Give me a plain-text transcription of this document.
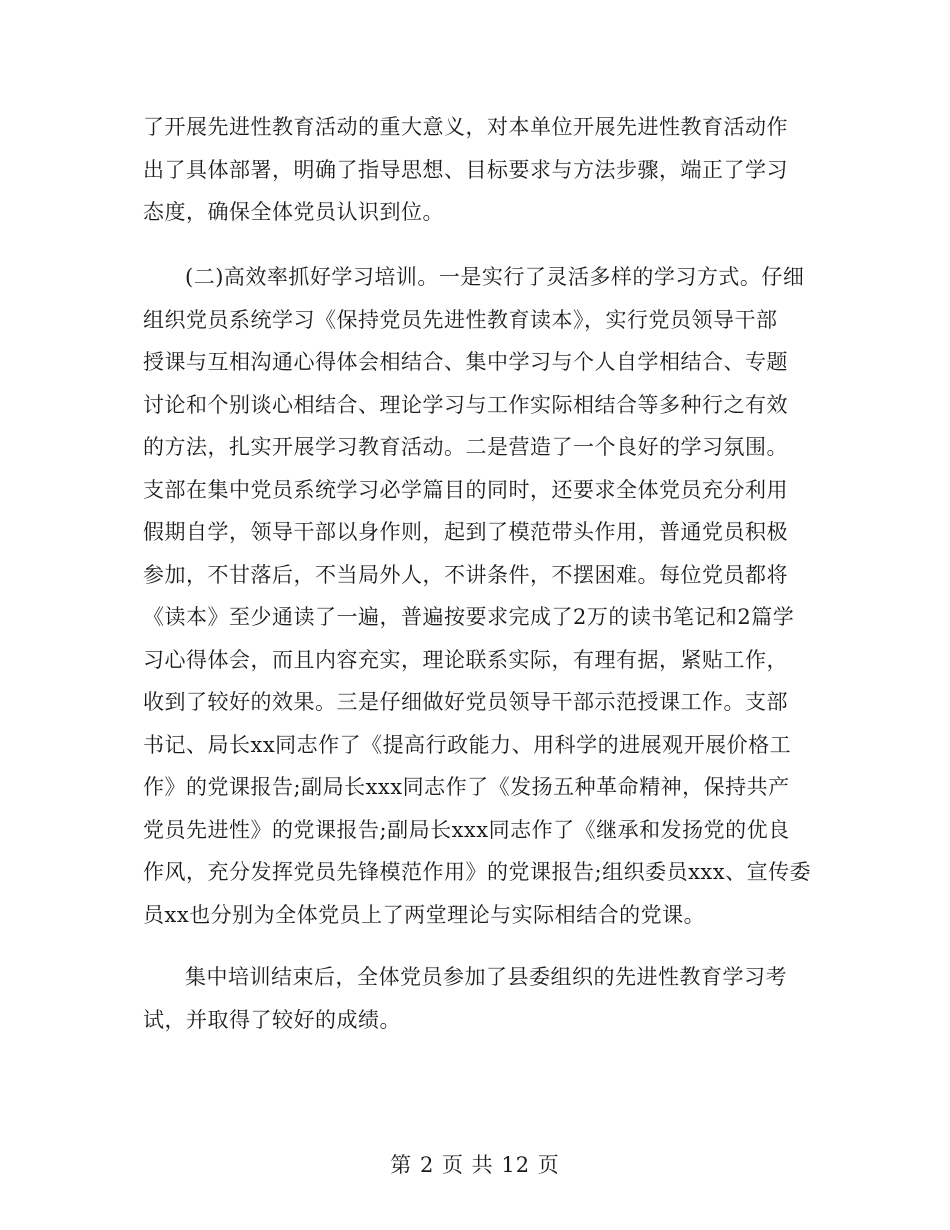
了开展先进性教育活动的重大意义，对本单位开展先进性教育活动作
出了具体部署，明确了指导思想、目标要求与方法步骤，端正了学习
态度，确保全体党员认识到位。
(二)高效率抓好学习培训。一是实行了灵活多样的学习方式。仔细
组织党员系统学习《保持党员先进性教育读本》，实行党员领导干部
授课与互相沟通心得体会相结合、集中学习与个人自学相结合、专题
讨论和个别谈心相结合、理论学习与工作实际相结合等多种行之有效
的方法，扎实开展学习教育活动。二是营造了一个良好的学习氛围。
支部在集中党员系统学习必学篇目的同时，还要求全体党员充分利用
假期自学，领导干部以身作则，起到了模范带头作用，普通党员积极
参加，不甘落后，不当局外人，不讲条件，不摆困难。每位党员都将
《读本》至少通读了一遍，普遍按要求完成了2万的读书笔记和2篇学
习心得体会，而且内容充实，理论联系实际，有理有据，紧贴工作，
收到了较好的效果。三是仔细做好党员领导干部示范授课工作。支部
书记、局长xx同志作了《提高行政能力、用科学的进展观开展价格工
作》的党课报告;副局长xxx同志作了《发扬五种革命精神，保持共产
党员先进性》的党课报告;副局长xxx同志作了《继承和发扬党的优良
作风，充分发挥党员先锋模范作用》的党课报告;组织委员xxx、宣传委
员xx也分别为全体党员上了两堂理论与实际相结合的党课。
集中培训结束后，全体党员参加了县委组织的先进性教育学习考
试，并取得了较好的成绩。
第 2 页 共 12 页
